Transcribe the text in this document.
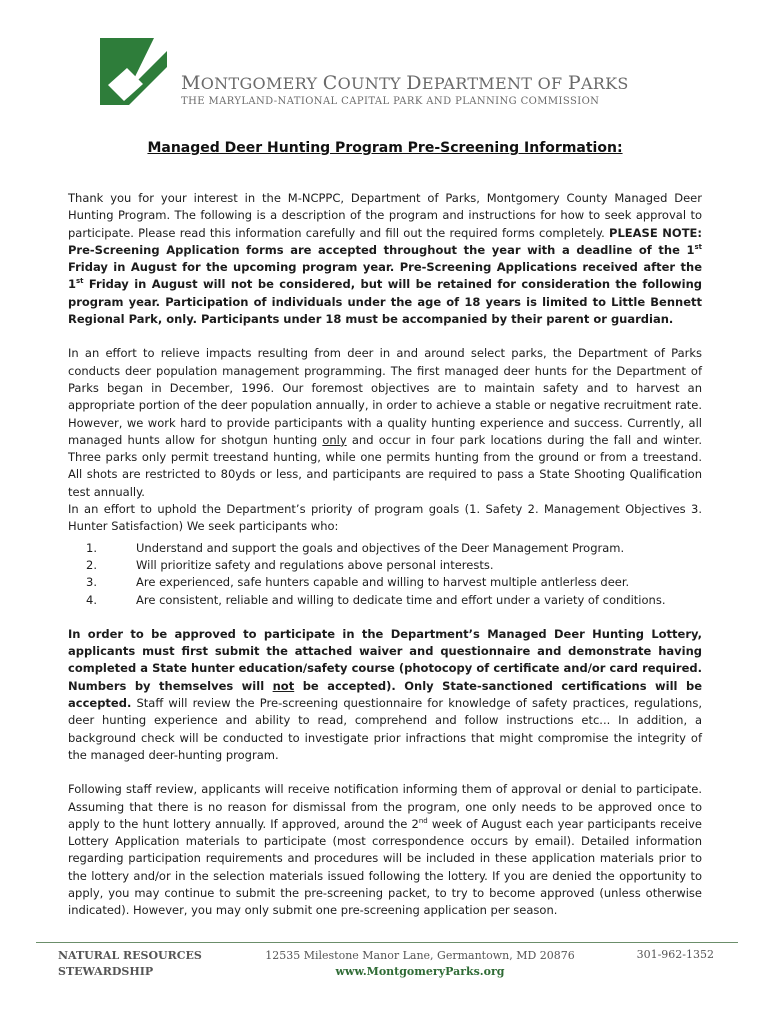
MONTGOMERY COUNTY DEPARTMENT OF PARKS
THE MARYLAND-NATIONAL CAPITAL PARK AND PLANNING COMMISSION
Managed Deer Hunting Program Pre-Screening Information:

Thank you for your interest in the M-NCPPC, Department of Parks, Montgomery County Managed Deer Hunting Program. The following is a description of the program and instructions for how to seek approval to participate. Please read this information carefully and fill out the required forms completely. PLEASE NOTE: Pre-Screening Application forms are accepted throughout the year with a deadline of the 1st Friday in August for the upcoming program year. Pre-Screening Applications received after the 1st Friday in August will not be considered, but will be retained for consideration the following program year. Participation of individuals under the age of 18 years is limited to Little Bennett Regional Park, only. Participants under 18 must be accompanied by their parent or guardian.

In an effort to relieve impacts resulting from deer in and around select parks, the Department of Parks conducts deer population management programming. The first managed deer hunts for the Department of Parks began in December, 1996. Our foremost objectives are to maintain safety and to harvest an appropriate portion of the deer population annually, in order to achieve a stable or negative recruitment rate. However, we work hard to provide participants with a quality hunting experience and success. Currently, all managed hunts allow for shotgun hunting only and occur in four park locations during the fall and winter. Three parks only permit treestand hunting, while one permits hunting from the ground or from a treestand. All shots are restricted to 80yds or less, and participants are required to pass a State Shooting Qualification test annually.

In an effort to uphold the Department’s priority of program goals (1. Safety 2. Management Objectives 3. Hunter Satisfaction) We seek participants who:

1.	Understand and support the goals and objectives of the Deer Management Program.
2.	Will prioritize safety and regulations above personal interests.
3.	Are experienced, safe hunters capable and willing to harvest multiple antlerless deer.
4.	Are consistent, reliable and willing to dedicate time and effort under a variety of conditions.

In order to be approved to participate in the Department’s Managed Deer Hunting Lottery, applicants must first submit the attached waiver and questionnaire and demonstrate having completed a State hunter education/safety course (photocopy of certificate and/or card required. Numbers by themselves will not be accepted). Only State-sanctioned certifications will be accepted. Staff will review the Pre-screening questionnaire for knowledge of safety practices, regulations, deer hunting experience and ability to read, comprehend and follow instructions etc... In addition, a background check will be conducted to investigate prior infractions that might compromise the integrity of the managed deer-hunting program.

Following staff review, applicants will receive notification informing them of approval or denial to participate. Assuming that there is no reason for dismissal from the program, one only needs to be approved once to apply to the hunt lottery annually. If approved, around the 2nd week of August each year participants receive Lottery Application materials to participate (most correspondence occurs by email). Detailed information regarding participation requirements and procedures will be included in these application materials prior to the lottery and/or in the selection materials issued following the lottery. If you are denied the opportunity to apply, you may continue to submit the pre-screening packet, to try to become approved (unless otherwise indicated). However, you may only submit one pre-screening application per season.

NATURAL RESOURCES
STEWARDSHIP
12535 Milestone Manor Lane, Germantown, MD 20876
www.MontgomeryParks.org
301-962-1352
